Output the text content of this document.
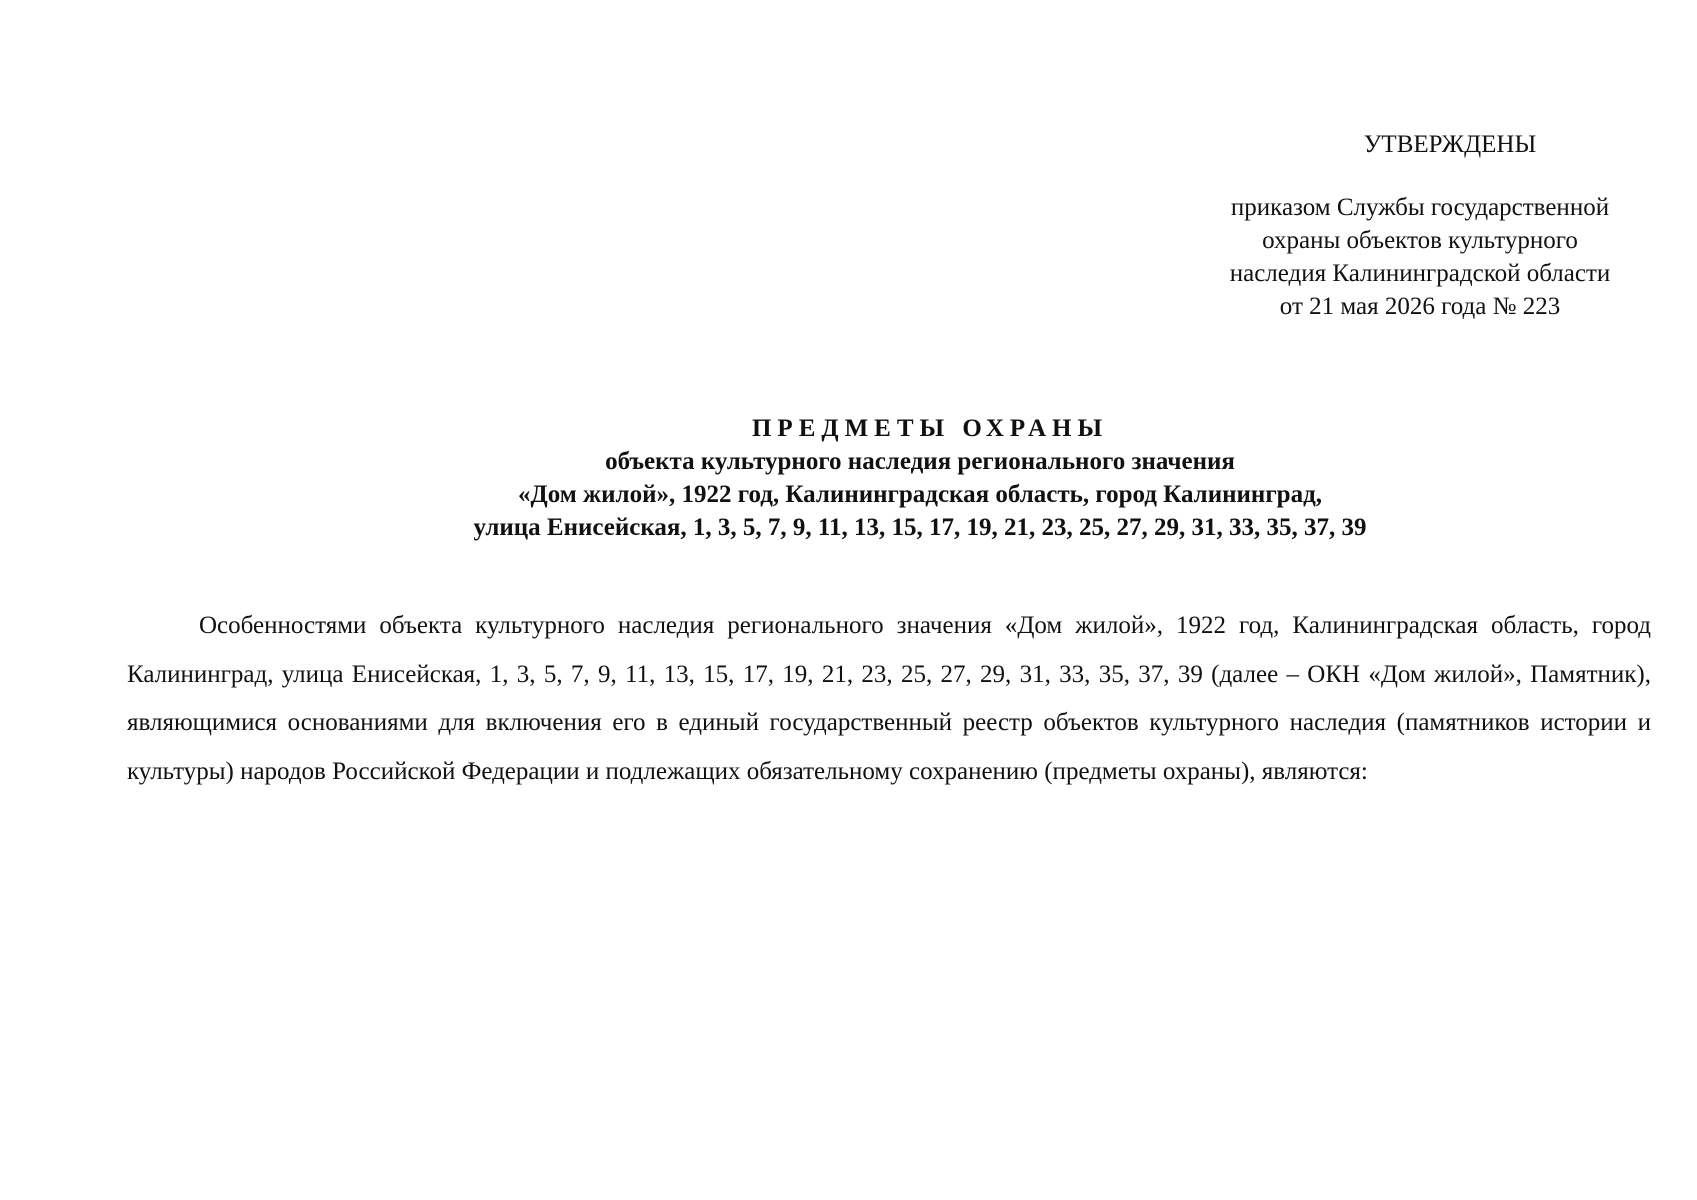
УТВЕРЖДЕНЫ
приказом Службы государственной
охраны объектов культурного
наследия Калининградской области
от 21 мая 2026 года № 223
ПРЕДМЕТЫ ОХРАНЫ
объекта культурного наследия регионального значения
«Дом жилой», 1922 год, Калининградская область, город Калининград,
улица Енисейская, 1, 3, 5, 7, 9, 11, 13, 15, 17, 19, 21, 23, 25, 27, 29, 31, 33, 35, 37, 39

Особенностями объекта культурного наследия регионального значения «Дом жилой», 1922 год, Калининградская область, город Калининград, улица Енисейская, 1, 3, 5, 7, 9, 11, 13, 15, 17, 19, 21, 23, 25, 27, 29, 31, 33, 35, 37, 39 (далее – ОКН «Дом жилой», Памятник), являющимися основаниями для включения его в единый государственный реестр объектов культурного наследия (памятников истории и культуры) народов Российской Федерации и подлежащих обязательному сохранению (предметы охраны), являются:
